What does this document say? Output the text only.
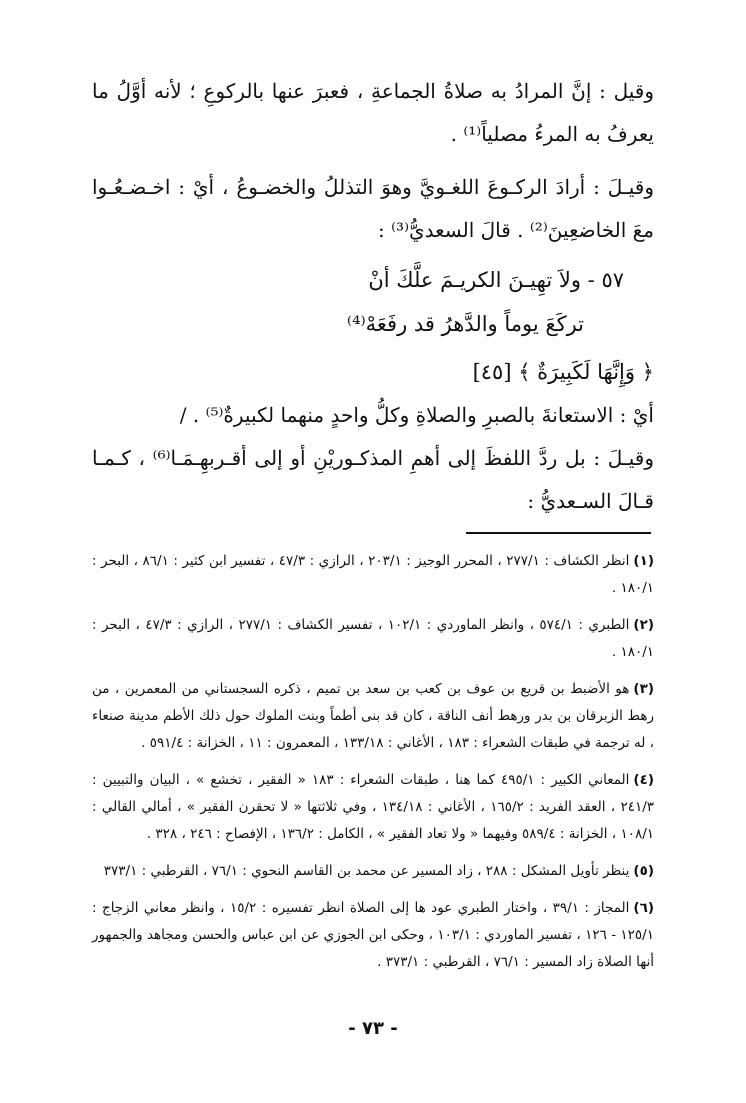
وقيل : إنَّ المرادُ به صلاةُ الجماعةِ ، فعبرَ عنها بالركوعِ ؛ لأنه أوَّلُ ما يعرفُ به المرءُ مصلياً⁽¹⁾ .

وقيـلَ : أرادَ الركـوعَ اللغـويَّ وهوَ التذللُ والخضـوعُ ، أيْ : اخـضـعُـوا معَ الخاضعِينَ⁽²⁾ . قالَ السعديُّ⁽³⁾ :

٥٧ - ولاَ تهِيـنَ الكريـمَ علَّكَ أنْ
تركَعَ يوماً والدَّهرُ قد رفَعَهْ⁽⁴⁾
﴿ وَإِنَّهَا لَكَبِيرَةٌ ﴾ [٤٥]

أيْ : الاستعانةَ بالصبرِ والصلاةِ وكلُّ واحدٍ منهما لكبيرةٌ⁽⁵⁾ . /

وقيـلَ : بل ردَّ اللفظَ إلى أهمِ المذكـوريْنِ أو إلى أقـربهِـمَـا⁽⁶⁾ ، كـمـا قـالَ السـعديُّ :

(١)انظر الكشاف : ٢٧٧/١ ، المحرر الوجيز : ٢٠٣/١ ، الرازي : ٤٧/٣ ، تفسير ابن كثير : ٨٦/١ ، البحر : ١٨٠/١ .

(٢)الطبري : ٥٧٤/١ ، وانظر الماوردي : ١٠٢/١ ، تفسير الكشاف : ٢٧٧/١ ، الرازي : ٤٧/٣ ، البحر : ١٨٠/١ .

(٣)هو الأضبط بن قريع بن عوف بن كعب بن سعد بن تميم ، ذكره السجستاني من المعمرين ، من رهط الزبرقان بن بدر ورهط أنف الناقة ، كان قد بنى أطماً وبنت الملوك حول ذلك الأطم مدينة صنعاء ، له ترجمة في طبقات الشعراء : ١٨٣ ، الأغاني : ١٣٣/١٨ ، المعمرون : ١١ ، الخزانة : ٥٩١/٤ .

(٤)المعاني الكبير : ٤٩٥/١ كما هنا ، طبقات الشعراء : ١٨٣ « الفقير ، تخشع » ، البيان والتبيين : ٢٤١/٣ ، العقد الفريد : ١٦٥/٢ ، الأغاني : ١٣٤/١٨ ، وفي ثلاثتها « لا تحقرن الفقير » ، أمالي القالي : ١٠٨/١ ، الخزانة : ٥٨٩/٤ وفيهما « ولا تعاد الفقير » ، الكامل : ١٣٦/٢ ، الإفصاح : ٢٤٦ ، ٣٢٨ .

(٥)ينظر تأويل المشكل : ٢٨٨ ، زاد المسير عن محمد بن القاسم النحوي : ٧٦/١ ، القرطبي : ٣٧٣/١

(٦)المجاز : ٣٩/١ ، واختار الطبري عود ها إلى الصلاة انظر تفسيره : ١٥/٢ ، وانظر معاني الزجاج : ١٢٥/١ - ١٢٦ ، تفسير الماوردي : ١٠٣/١ ، وحكى ابن الجوزي عن ابن عباس والحسن ومجاهد والجمهور أنها الصلاة زاد المسير : ٧٦/١ ، القرطبي : ٣٧٣/١ .

- ٧٣ -
